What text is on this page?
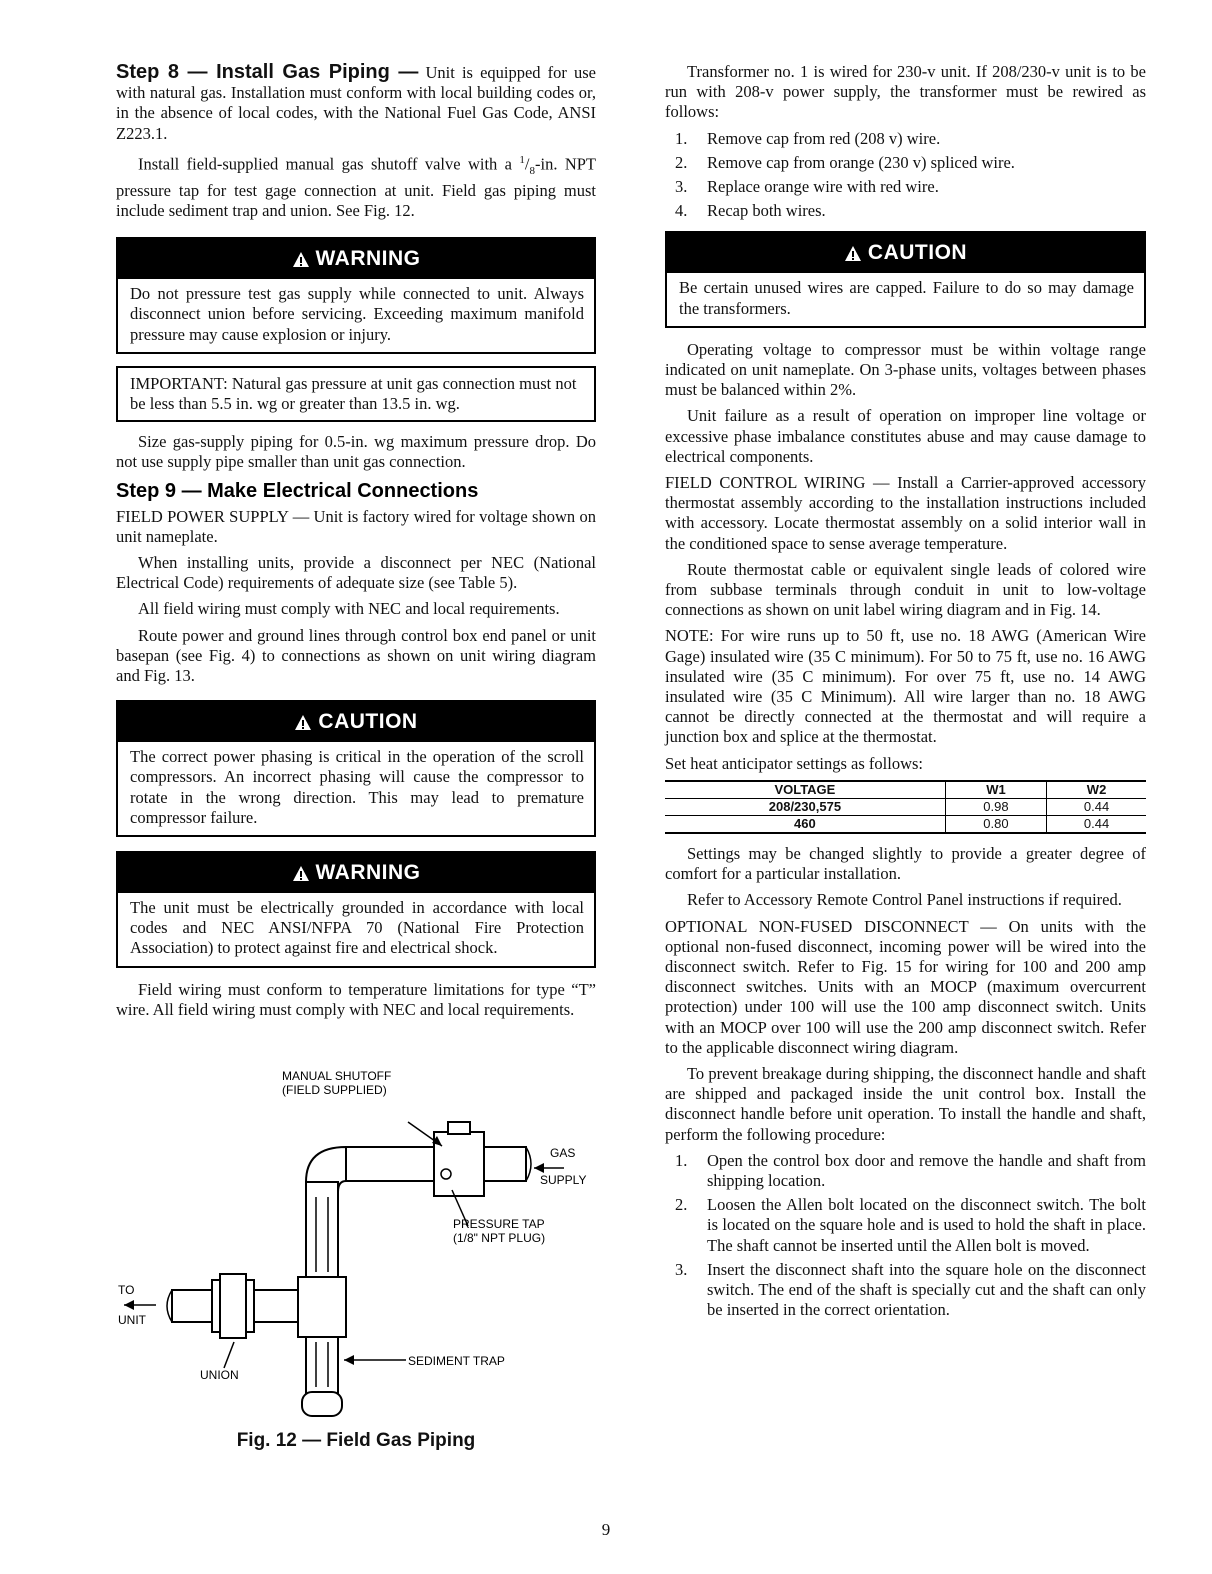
Step 8 — Install Gas Piping — Unit is equipped for use with natural gas. Installation must conform with local building codes or, in the absence of local codes, with the National Fuel Gas Code, ANSI Z223.1.

Install field-supplied manual gas shutoff valve with a $^1/_8-in$. NPT pressure tap for test gage connection at unit. Field gas piping must include sediment trap and union. See Fig. 12.

WARNING
Do not pressure test gas supply while connected to unit. Always disconnect union before servicing. Exceeding maximum manifold pressure may cause explosion or injury.
IMPORTANT: Natural gas pressure at unit gas connection must not be less than 5.5 in. wg or greater than 13.5 in. wg.

Size gas-supply piping for 0.5-in. wg maximum pressure drop. Do not use supply pipe smaller than unit gas connection.

Step 9 — Make Electrical Connections

FIELD POWER SUPPLY — Unit is factory wired for voltage shown on unit nameplate.

When installing units, provide a disconnect per NEC (National Electrical Code) requirements of adequate size (see Table 5).

All field wiring must comply with NEC and local requirements.

Route power and ground lines through control box end panel or unit basepan (see Fig. 4) to connections as shown on unit wiring diagram and Fig. 13.

CAUTION
The correct power phasing is critical in the operation of the scroll compressors. An incorrect phasing will cause the compressor to rotate in the wrong direction. This may lead to premature compressor failure.
WARNING
The unit must be electrically grounded in accordance with local codes and NEC ANSI/NFPA 70 (National Fire Protection Association) to protect against fire and electrical shock.

Field wiring must conform to temperature limitations for type “T” wire. All field wiring must comply with NEC and local requirements.

MANUAL SHUTOFF
(FIELD SUPPLIED)
GAS
SUPPLY
PRESSURE TAP
(1/8" NPT PLUG)
TO
UNIT
UNION
SEDIMENT TRAP
Fig. 12 — Field Gas Piping

Transformer no. 1 is wired for 230-v unit. If 208/230-v unit is to be run with 208-v power supply, the transformer must be rewired as follows:

1. Remove cap from red (208 v) wire.
2. Remove cap from orange (230 v) spliced wire.
3. Replace orange wire with red wire.
4. Recap both wires.
CAUTION
Be certain unused wires are capped. Failure to do so may damage the transformers.

Operating voltage to compressor must be within voltage range indicated on unit nameplate. On 3-phase units, voltages between phases must be balanced within 2%.

Unit failure as a result of operation on improper line voltage or excessive phase imbalance constitutes abuse and may cause damage to electrical components.

FIELD CONTROL WIRING — Install a Carrier-approved accessory thermostat assembly according to the installation instructions included with accessory. Locate thermostat assembly on a solid interior wall in the conditioned space to sense average temperature.

Route thermostat cable or equivalent single leads of colored wire from subbase terminals through conduit in unit to low-voltage connections as shown on unit label wiring diagram and in Fig. 14.

NOTE: For wire runs up to 50 ft, use no. 18 AWG (American Wire Gage) insulated wire (35 C minimum). For 50 to 75 ft, use no. 16 AWG insulated wire (35 C minimum). For over 75 ft, use no. 14 AWG insulated wire (35 C Minimum). All wire larger than no. 18 AWG cannot be directly connected at the thermostat and will require a junction box and splice at the thermostat.

Set heat anticipator settings as follows:

VOLTAGE	W1	W2
208/230,575	0.98	0.44
460	0.80	0.44

Settings may be changed slightly to provide a greater degree of comfort for a particular installation.

Refer to Accessory Remote Control Panel instructions if required.

OPTIONAL NON-FUSED DISCONNECT — On units with the optional non-fused disconnect, incoming power will be wired into the disconnect switch. Refer to Fig. 15 for wiring for 100 and 200 amp disconnect switches. Units with an MOCP (maximum overcurrent protection) under 100 will use the 100 amp disconnect switch. Units with an MOCP over 100 will use the 200 amp disconnect switch. Refer to the applicable disconnect wiring diagram.

To prevent breakage during shipping, the disconnect handle and shaft are shipped and packaged inside the unit control box. Install the disconnect handle before unit operation. To install the handle and shaft, perform the following procedure:

1. Open the control box door and remove the handle and shaft from shipping location.
2. Loosen the Allen bolt located on the disconnect switch. The bolt is located on the square hole and is used to hold the shaft in place. The shaft cannot be inserted until the Allen bolt is moved.
3. Insert the disconnect shaft into the square hole on the disconnect switch. The end of the shaft is specially cut and the shaft can only be inserted in the correct orientation.
9
